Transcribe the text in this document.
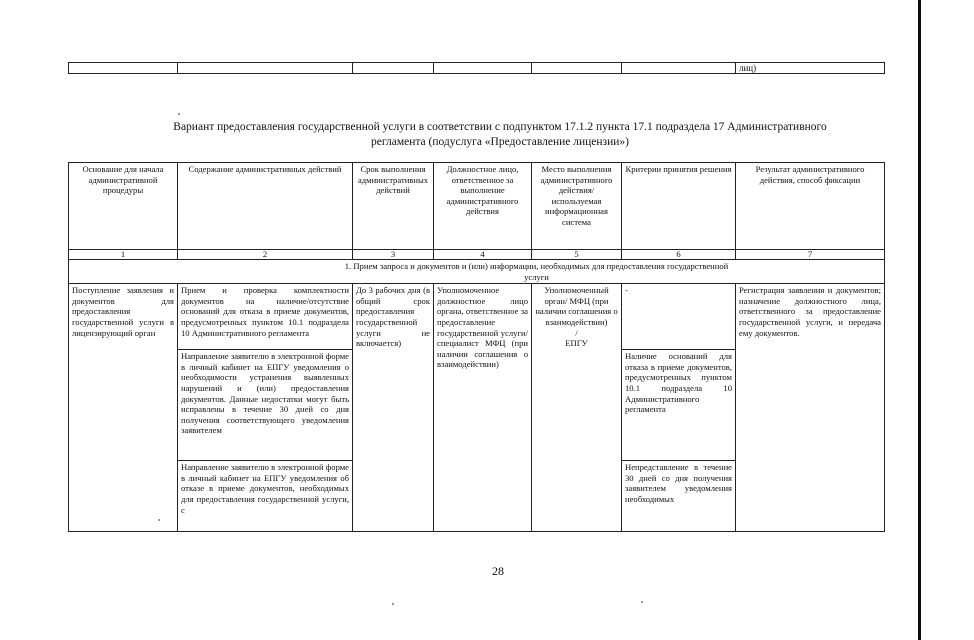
						лиц)
Вариант предоставления государственной услуги в соответствии с подпунктом 17.1.2 пункта 17.1 подраздела 17 Административного
регламента (подуслуга «Предоставление лицензии»)
Основание для начала административной процедуры	Содержание административных действий	Срок выполнения административных действий	Должностное лицо, ответственное за выполнение административного действия	Место выполнения административного действия/ используемая информационная система	Критерии принятия решения	Результат административного действия, способ фиксации
1	2	3	4	5	6	7
1. Прием запроса и документов и (или) информации, необходимых для предоставления государственной услуги						
Поступление заявления и документов для предоставления государственной услуги в лицензирующий орган	Прием и проверка комплектности документов на наличие/отсутствие оснований для отказа в приеме документов, предусмотренных пунктом 10.1 подраздела 10 Административного регламента	До 3 рабочих дня (в общий срок предоставления государственной услуги не включается)	Уполномоченное должностное лицо органа, ответственное за предоставление государственной услуги/специалист МФЦ (при наличии соглашения о взаимодействии)	Уполномоченный орган/ МФЦ (при наличии соглашения о взаимодействии)
/
ЕПГУ	-	Регистрация заявления и документов; назначение должностного лица, ответственного за предоставление государственной услуги, и передача ему документов.
	Направление заявителю в электронной форме в личный кабинет на ЕПГУ уведомления о необходимости устранения выявленных нарушений и (или) предоставления документов. Данные недостатки могут быть исправлены в течение 30 дней со дня получения соответствующего уведомления заявителем				Наличие оснований для отказа в приеме документов, предусмотренных пунктом 10.1 подраздела 10 Административного регламента	
	Направление заявителю в электронной форме в личный кабинет на ЕПГУ уведомления об отказе в приеме документов, необходимых для предоставления государственной услуги, с				Непредставление в течение 30 дней со дня получения заявителем уведомления необходимых	
28
